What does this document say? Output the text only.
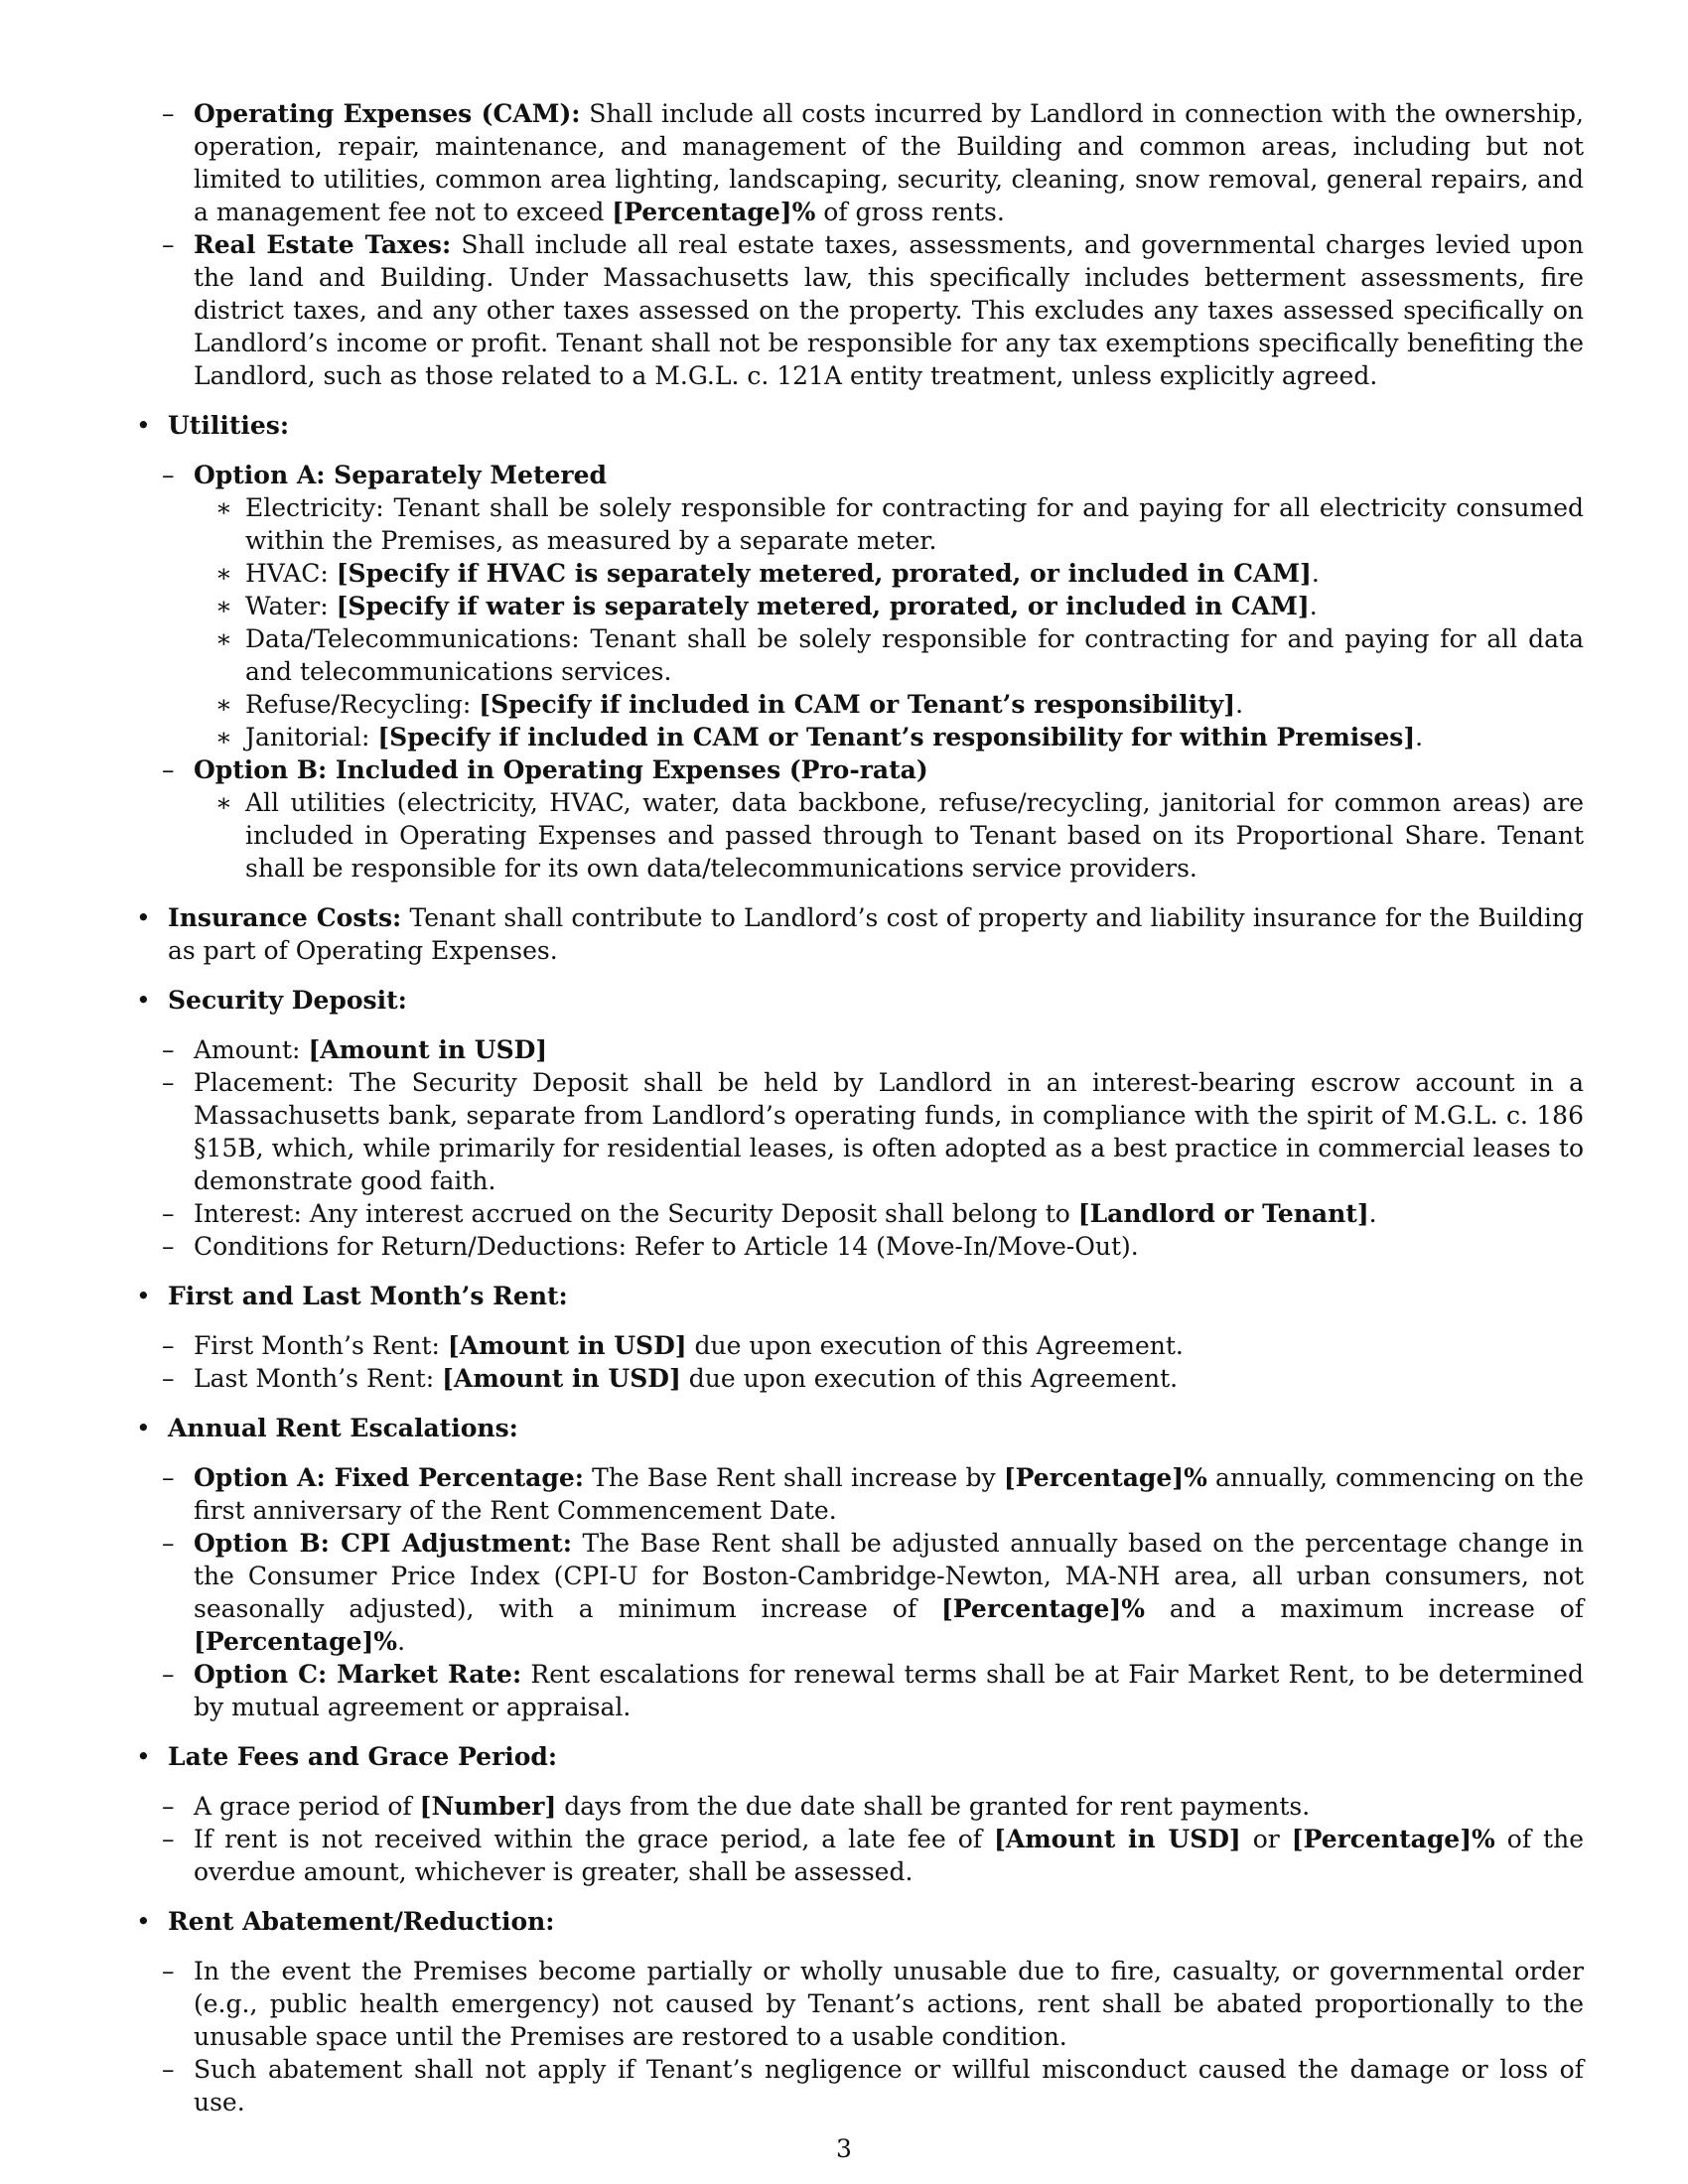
– Operating Expenses (CAM): Shall include all costs incurred by Landlord in connection with the ownership, operation, repair, maintenance, and management of the Building and common areas, including but not limited to utilities, common area lighting, landscaping, security, cleaning, snow removal, general repairs, and a management fee not to exceed [Percentage]% of gross rents.
– Real Estate Taxes: Shall include all real estate taxes, assessments, and governmental charges levied upon the land and Building. Under Massachusetts law, this specifically includes betterment assessments, fire district taxes, and any other taxes assessed on the property. This excludes any taxes assessed specifically on Landlord’s income or profit. Tenant shall not be responsible for any tax exemptions specifically benefiting the Landlord, such as those related to a M.G.L. c. 121A entity treatment, unless explicitly agreed.
• Utilities:
– Option A: Separately Metered
∗ Electricity: Tenant shall be solely responsible for contracting for and paying for all electricity consumed within the Premises, as measured by a separate meter.
∗ HVAC: [Specify if HVAC is separately metered, prorated, or included in CAM].
∗ Water: [Specify if water is separately metered, prorated, or included in CAM].
∗ Data/Telecommunications: Tenant shall be solely responsible for contracting for and paying for all data and telecommunications services.
∗ Refuse/Recycling: [Specify if included in CAM or Tenant’s responsibility].
∗ Janitorial: [Specify if included in CAM or Tenant’s responsibility for within Premises].
– Option B: Included in Operating Expenses (Pro-rata)
∗ All utilities (electricity, HVAC, water, data backbone, refuse/recycling, janitorial for common areas) are included in Operating Expenses and passed through to Tenant based on its Proportional Share. Tenant shall be responsible for its own data/telecommunications service providers.
• Insurance Costs: Tenant shall contribute to Landlord’s cost of property and liability insurance for the Building as part of Operating Expenses.
• Security Deposit:
– Amount: [Amount in USD]
– Placement: The Security Deposit shall be held by Landlord in an interest-bearing escrow account in a Massachusetts bank, separate from Landlord’s operating funds, in compliance with the spirit of M.G.L. c. 186 §15B, which, while primarily for residential leases, is often adopted as a best practice in commercial leases to demonstrate good faith.
– Interest: Any interest accrued on the Security Deposit shall belong to [Landlord or Tenant].
– Conditions for Return/Deductions: Refer to Article 14 (Move-In/Move-Out).
• First and Last Month’s Rent:
– First Month’s Rent: [Amount in USD] due upon execution of this Agreement.
– Last Month’s Rent: [Amount in USD] due upon execution of this Agreement.
• Annual Rent Escalations:
– Option A: Fixed Percentage: The Base Rent shall increase by [Percentage]% annually, commencing on the first anniversary of the Rent Commencement Date.
– Option B: CPI Adjustment: The Base Rent shall be adjusted annually based on the percentage change in the Consumer Price Index (CPI-U for Boston-Cambridge-Newton, MA-NH area, all urban consumers, not seasonally adjusted), with a minimum increase of [Percentage]% and a maximum increase of [Percentage]%.
– Option C: Market Rate: Rent escalations for renewal terms shall be at Fair Market Rent, to be determined by mutual agreement or appraisal.
• Late Fees and Grace Period:
– A grace period of [Number] days from the due date shall be granted for rent payments.
– If rent is not received within the grace period, a late fee of [Amount in USD] or [Percentage]% of the overdue amount, whichever is greater, shall be assessed.
• Rent Abatement/Reduction:
– In the event the Premises become partially or wholly unusable due to fire, casualty, or governmental order (e.g., public health emergency) not caused by Tenant’s actions, rent shall be abated proportionally to the unusable space until the Premises are restored to a usable condition.
– Such abatement shall not apply if Tenant’s negligence or willful misconduct caused the damage or loss of use.
3
